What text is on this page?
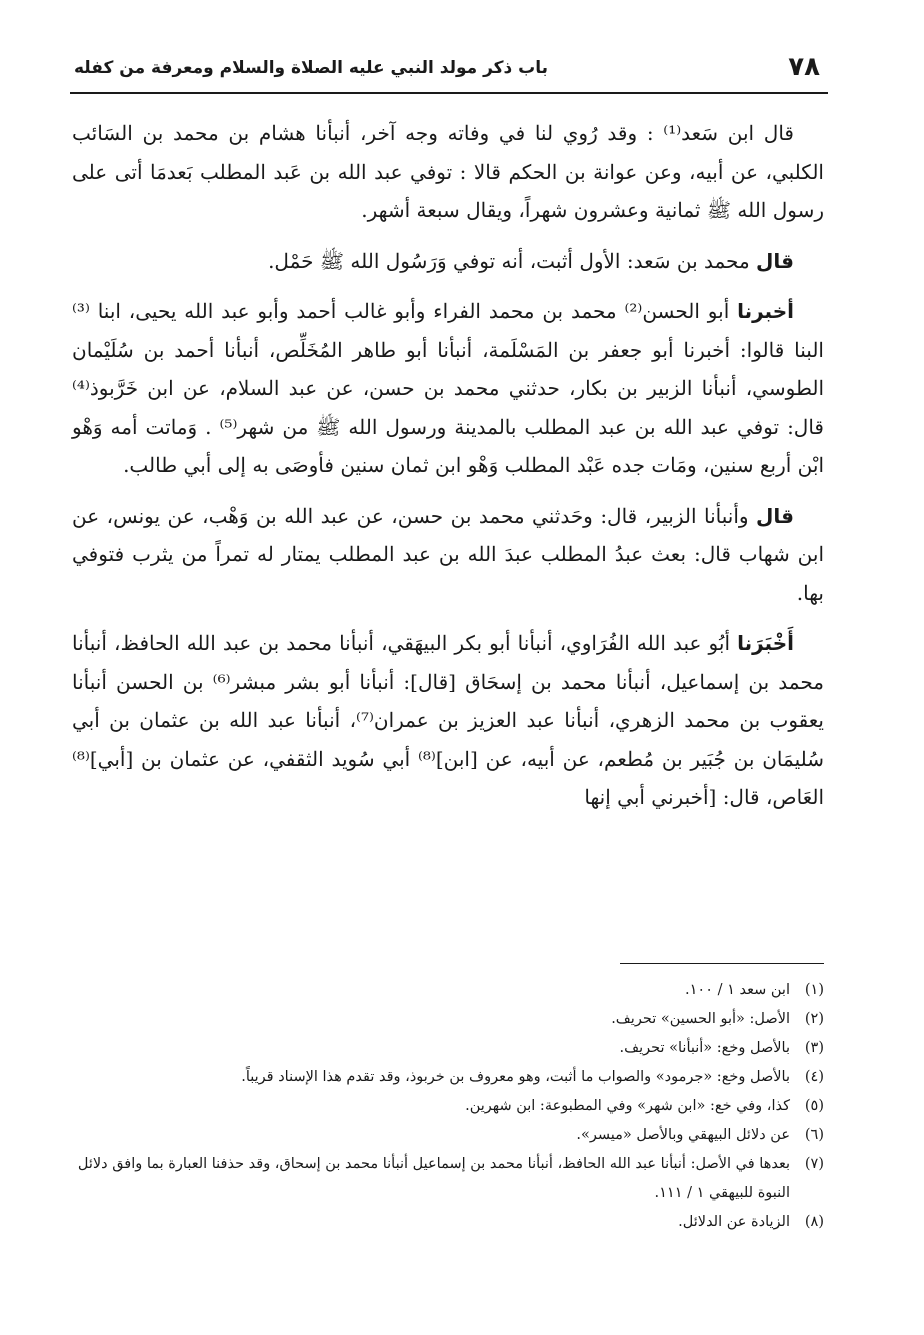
٧٨
باب ذكر مولد النبي عليه الصلاة والسلام ومعرفة من كفله

قال ابن سَعد⁽¹⁾ : وقد رُوي لنا في وفاته وجه آخر، أنبأنا هشام بن محمد بن السَائب الكلبي، عن أبيه، وعن عوانة بن الحكم قالا : توفي عبد الله بن عَبد المطلب بَعدمَا أتى على رسول الله ﷺ ثمانية وعشرون شهراً، ويقال سبعة أشهر.

قال محمد بن سَعد: الأول أثبت، أنه توفي وَرَسُول الله ﷺ حَمْل.

أخبرنا أبو الحسن⁽²⁾ محمد بن محمد الفراء وأبو غالب أحمد وأبو عبد الله يحيى، ابنا ⁽³⁾ البنا قالوا: أخبرنا أبو جعفر بن المَسْلَمة، أنبأنا أبو طاهر المُخَلِّص، أنبأنا أحمد بن سُلَيْمان الطوسي، أنبأنا الزبير بن بكار، حدثني محمد بن حسن، عن عبد السلام، عن ابن خَرَّبوذ⁽⁴⁾ قال: توفي عبد الله بن عبد المطلب بالمدينة ورسول الله ﷺ من شهر⁽⁵⁾ . وَماتت أمه وَهْو ابْن أربع سنين، ومَات جده عَبْد المطلب وَهْو ابن ثمان سنين فأوصَى به إلى أبي طالب.

قال وأنبأنا الزبير، قال: وحَدثني محمد بن حسن، عن عبد الله بن وَهْب، عن يونس، عن ابن شهاب قال: بعث عبدُ المطلب عبدَ الله بن عبد المطلب يمتار له تمراً من يثرب فتوفي بها.

أَخْبَرَنا أبُو عبد الله الفُرَاوي، أنبأنا أبو بكر البيهَقي، أنبأنا محمد بن عبد الله الحافظ، أنبأنا محمد بن إسماعيل، أنبأنا محمد بن إسحَاق [قال]: أنبأنا أبو بشر مبشر⁽⁶⁾ بن الحسن أنبأنا يعقوب بن محمد الزهري، أنبأنا عبد العزيز بن عمران⁽⁷⁾، أنبأنا عبد الله بن عثمان بن أبي سُليمَان بن جُبَير بن مُطعم، عن أبيه، عن [ابن]⁽⁸⁾ أبي سُويد الثقفي، عن عثمان بن [أبي]⁽⁸⁾ العَاص، قال: [أخبرني أبي إنها

(١)
ابن سعد ١ / ١٠٠.
(٢)
الأصل: «أبو الحسين» تحريف.
(٣)
بالأصل وخع: «أنبأنا» تحريف.
(٤)
بالأصل وخع: «جرمود» والصواب ما أثبت، وهو معروف بن خربوذ، وقد تقدم هذا الإسناد قريباً.
(٥)
كذا، وفي خع: «ابن شهر» وفي المطبوعة: ابن شهرين.
(٦)
عن دلائل البيهقي وبالأصل «ميسر».
(٧)
بعدها في الأصل: أنبأنا عبد الله الحافظ، أنبأنا محمد بن إسماعيل أنبأنا محمد بن إسحاق، وقد حذفنا العبارة بما وافق دلائل النبوة للبيهقي ١ / ١١١.
(٨)
الزيادة عن الدلائل.
